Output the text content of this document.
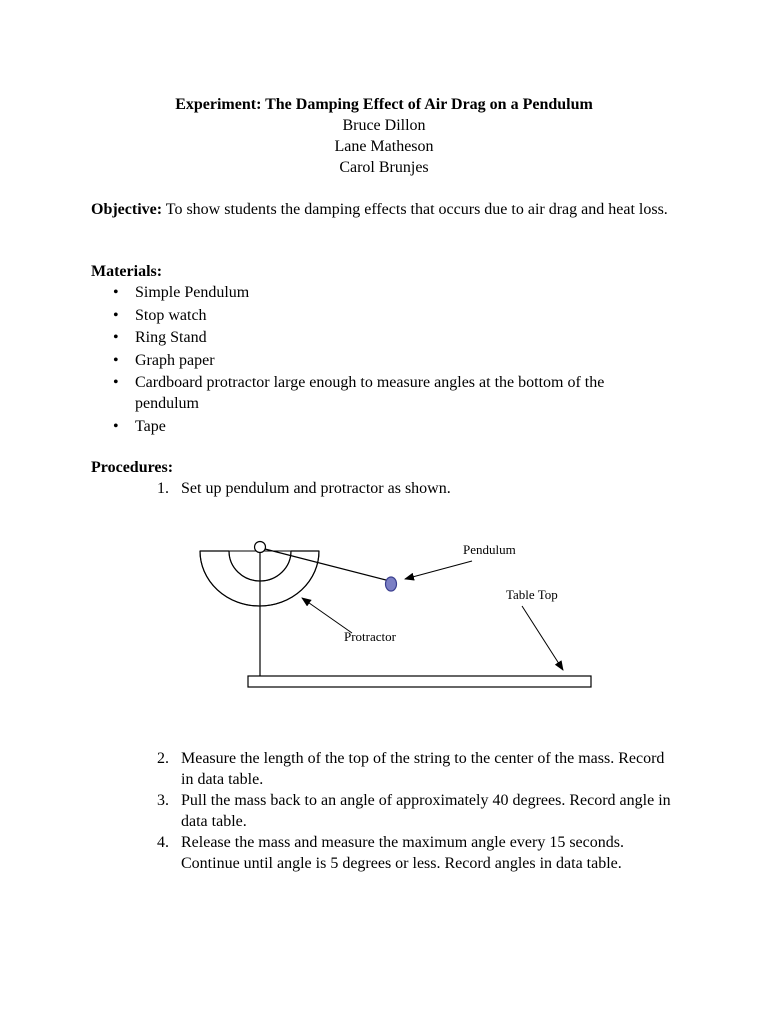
Experiment: The Damping Effect of Air Drag on a Pendulum
Bruce Dillon
Lane Matheson
Carol Brunjes
Objective: To show students the damping effects that occurs due to air drag and heat loss.
Materials:
• Simple Pendulum
• Stop watch
• Ring Stand
• Graph paper
• Cardboard protractor large enough to measure angles at the bottom of the pendulum
• Tape
Procedures:
1. Set up pendulum and protractor as shown.
Pendulum
Table Top
Protractor
2. Measure the length of the top of the string to the center of the mass. Record in data table.
3. Pull the mass back to an angle of approximately 40 degrees. Record angle in data table.
4. Release the mass and measure the maximum angle every 15 seconds. Continue until angle is 5 degrees or less. Record angles in data table.
